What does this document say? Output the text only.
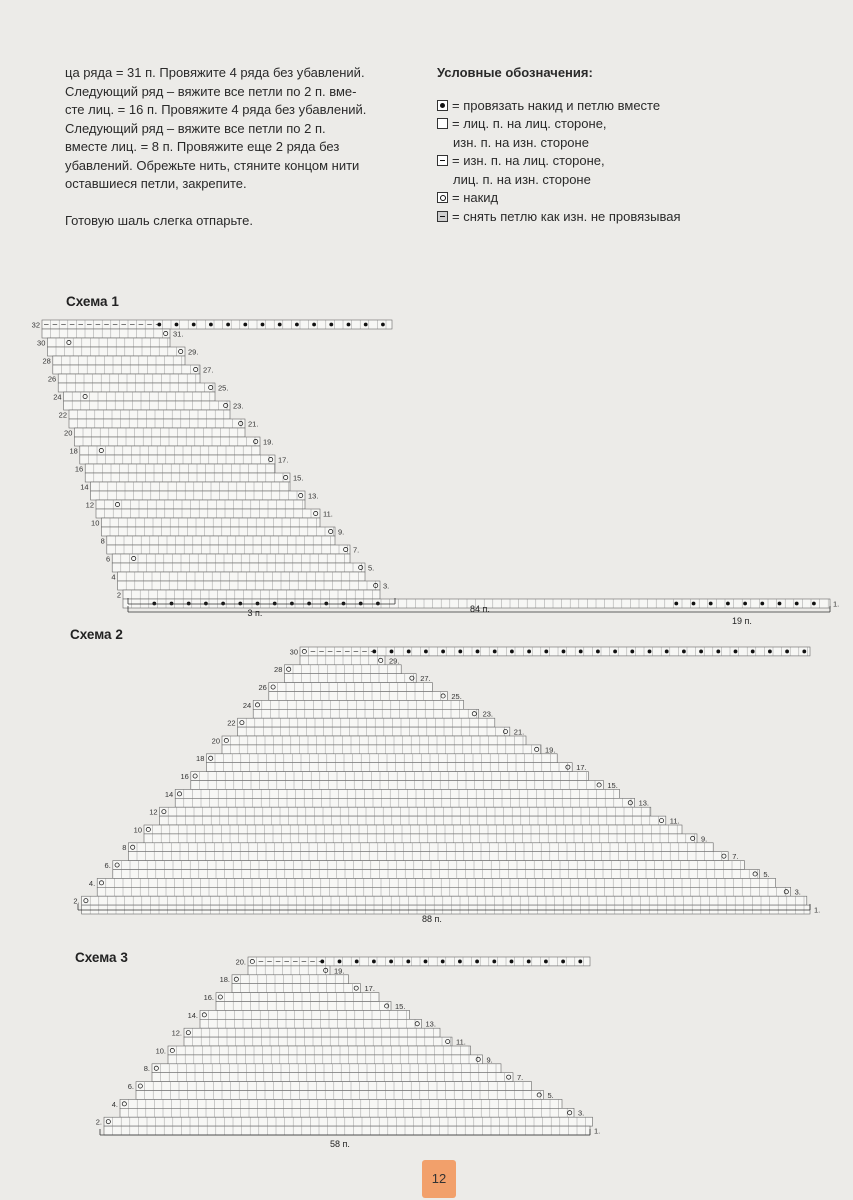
ца ряда = 31 п. Провяжите 4 ряда без убавлений.

Следующий ряд – вяжите все петли по 2 п. вме-

сте лиц. = 16 п. Провяжите 4 ряда без убавлений.

Следующий ряд – вяжите все петли по 2 п.

вместе лиц. = 8 п. Провяжите еще 2 ряда без

убавлений. Обрежьте нить, стяните концом нити

оставшиеся петли, закрепите.

Готовую шаль слегка отпарьте.

Условные обозначения:
= провязать накид и петлю вместе
= лиц. п. на лиц. стороне,
изн. п. на изн. стороне
= изн. п. на лиц. стороне,
лиц. п. на изн. стороне
= накид
= снять петлю как изн. не провязывая
Схема 1
Схема 2
Схема 3
32
31.
30
29.
28
27.
26
25.
24
23.
22
21.
20
19.
18
17.
16
15.
14
13.
12
11.
10
9.
8
7.
6
5.
4
3.
2
1.
3 п.
19 п.
84 п.
30
29.
28
27.
26
25.
24
23.
22
21.
20
19.
18
17.
16
15.
14
13.
12
11.
10
9.
8
7.
6.
5.
4.
3.
2.
1.
88 п.
20.
19.
18.
17.
16.
15.
14.
13.
12.
11.
10.
9.
8.
7.
6.
5.
4.
3.
2.
1.
58 п.
12
